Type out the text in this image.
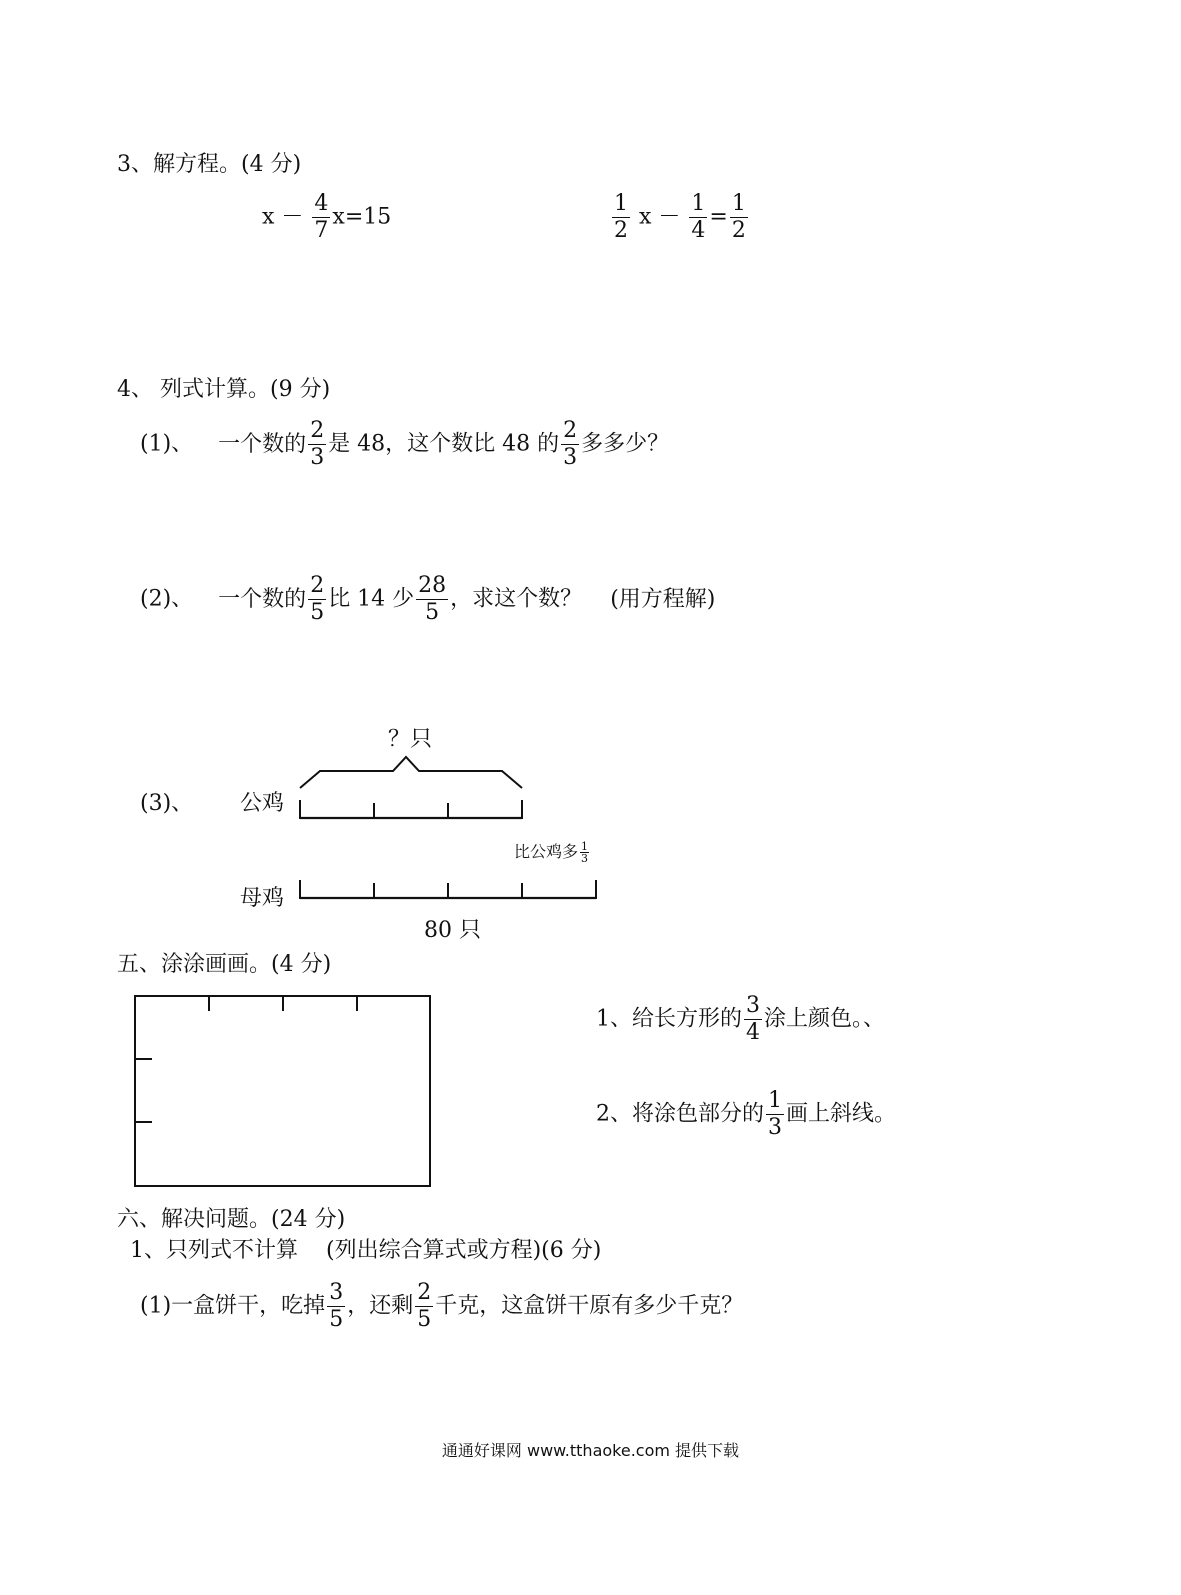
3、解方程。(4 分)
$x - \frac{4}{7} x=15$	$\frac{1}{2}$ $x - \frac{1}{4} = \frac{1}{2}$
4、 列式计算。(9 分)
(1)、 一个数的 $\frac{2}{3}$ 是 48，这个数比 48 的 $\frac{2}{3}$ 多多少？
(2)、 一个数的 $\frac{2}{5}$ 比 14 少 $\frac{28}{5}$ ，求这个数？ (用方程解)
(3)、
？只
公鸡
母鸡
比公鸡多 $\frac{1}{3}$
80 只
五、涂涂画画。(4 分)
1、给长方形的 $\frac{3}{4}$ 涂上颜色。、
2、将涂色部分的 $\frac{1}{3}$ 画上斜线。
六、解决问题。(24 分)
1、只列式不计算 (列出综合算式或方程)(6 分)
(1)一盒饼干，吃掉 $\frac{3}{5}$ ，还剩 $\frac{2}{5}$ 千克，这盒饼干原有多少千克？
通通好课网 www.tthaoke.com 提供下载
